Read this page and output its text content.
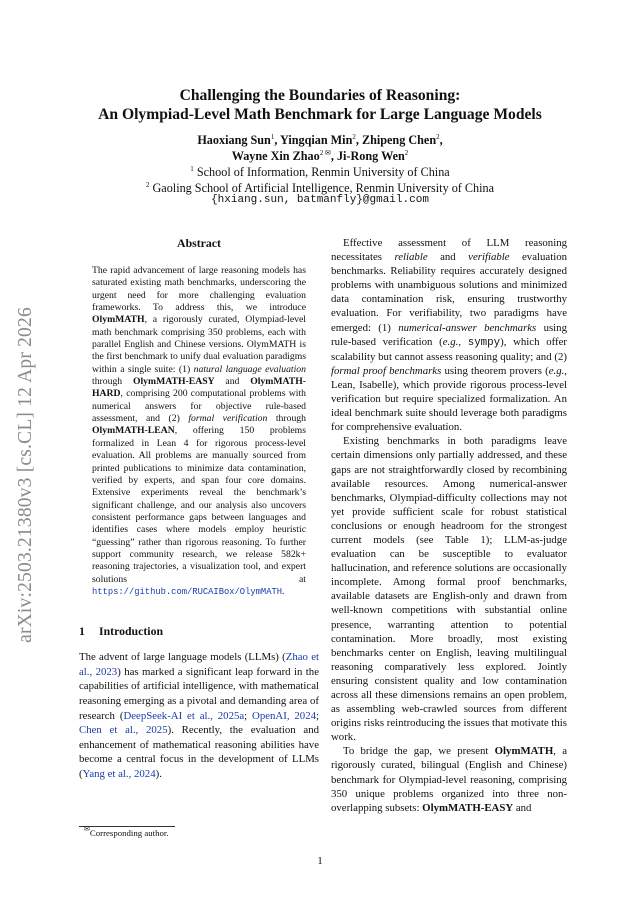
arXiv:2503.21380v3 [cs.CL] 12 Apr 2026
Challenging the Boundaries of Reasoning:
An Olympiad-Level Math Benchmark for Large Language Models
Haoxiang Sun$^1$, Yingqian Min$^2$, Zhipeng Chen$^2$,
Wayne Xin Zhao$^{2 ✉}$, Ji-Rong Wen$^2$
$^1$ School of Information, Renmin University of China
$^2$ Gaoling School of Artificial Intelligence, Renmin University of China
{hxiang.sun, batmanfly}@gmail.com
Abstract

The rapid advancement of large reasoning models has saturated existing math benchmarks, underscoring the urgent need for more challenging evaluation frameworks. To address this, we introduce OlymMATH, a rigorously curated, Olympiad-level math benchmark comprising 350 problems, each with parallel English and Chinese versions. OlymMATH is the first benchmark to unify dual evaluation paradigms within a single suite: (1) natural language evaluation through OlymMATH-EASY and OlymMATH-HARD, comprising 200 computational problems with numerical answers for objective rule-based assessment, and (2) formal verification through OlymMATH-LEAN, offering 150 problems formalized in Lean 4 for rigorous process-level evaluation. All problems are manually sourced from printed publications to minimize data contamination, verified by experts, and span four core domains. Extensive experiments reveal the benchmark’s significant challenge, and our analysis also uncovers consistent performance gaps between languages and identifies cases where models employ heuristic “guessing” rather than rigorous reasoning. To further support community research, we release 582k+ reasoning trajectories, a visualization tool, and expert solutions at https://github.com/RUCAIBox/OlymMATH.

1 Introduction

The advent of large language models (LLMs) (Zhao et al., 2023) has marked a significant leap forward in the capabilities of artificial intelligence, with mathematical reasoning emerging as a pivotal and demanding area of research (DeepSeek-AI et al., 2025a; OpenAI, 2024; Chen et al., 2025). Recently, the evaluation and enhancement of mathematical reasoning abilities have become a central focus in the development of LLMs (Yang et al., 2024).

Effective assessment of LLM reasoning necessitates reliable and verifiable evaluation benchmarks. Reliability requires accurately designed problems with unambiguous solutions and minimized data contamination risk, ensuring trustworthy evaluation. For verifiability, two paradigms have emerged: (1) numerical-answer benchmarks using rule-based verification (e.g., sympy), which offer scalability but cannot assess reasoning quality; and (2) formal proof benchmarks using theorem provers (e.g., Lean, Isabelle), which provide rigorous process-level verification but require specialized formalization. An ideal benchmark suite should leverage both paradigms for comprehensive evaluation.

Existing benchmarks in both paradigms leave certain dimensions only partially addressed, and these gaps are not straightforwardly closed by recombining available resources. Among numerical-answer benchmarks, Olympiad-difficulty collections may not yet provide sufficient scale for robust statistical conclusions or enough headroom for the strongest current models (see Table 1); LLM-as-judge evaluation can be susceptible to evaluator hallucination, and reference solutions are occasionally incomplete. Among formal proof benchmarks, available datasets are English-only and drawn from well-known competitions with substantial online presence, warranting attention to potential contamination. More broadly, most existing benchmarks center on English, leaving multilingual reasoning comparatively less explored. Jointly ensuring consistent quality and low contamination across all these dimensions remains an open problem, as assembling web-crawled sources from different origins risks reintroducing the issues that motivate this work.

To bridge the gap, we present OlymMATH, a rigorously curated, bilingual (English and Chinese) benchmark for Olympiad-level reasoning, comprising 350 unique problems organized into three non-overlapping subsets: OlymMATH-EASY and

✉Corresponding author.
1
